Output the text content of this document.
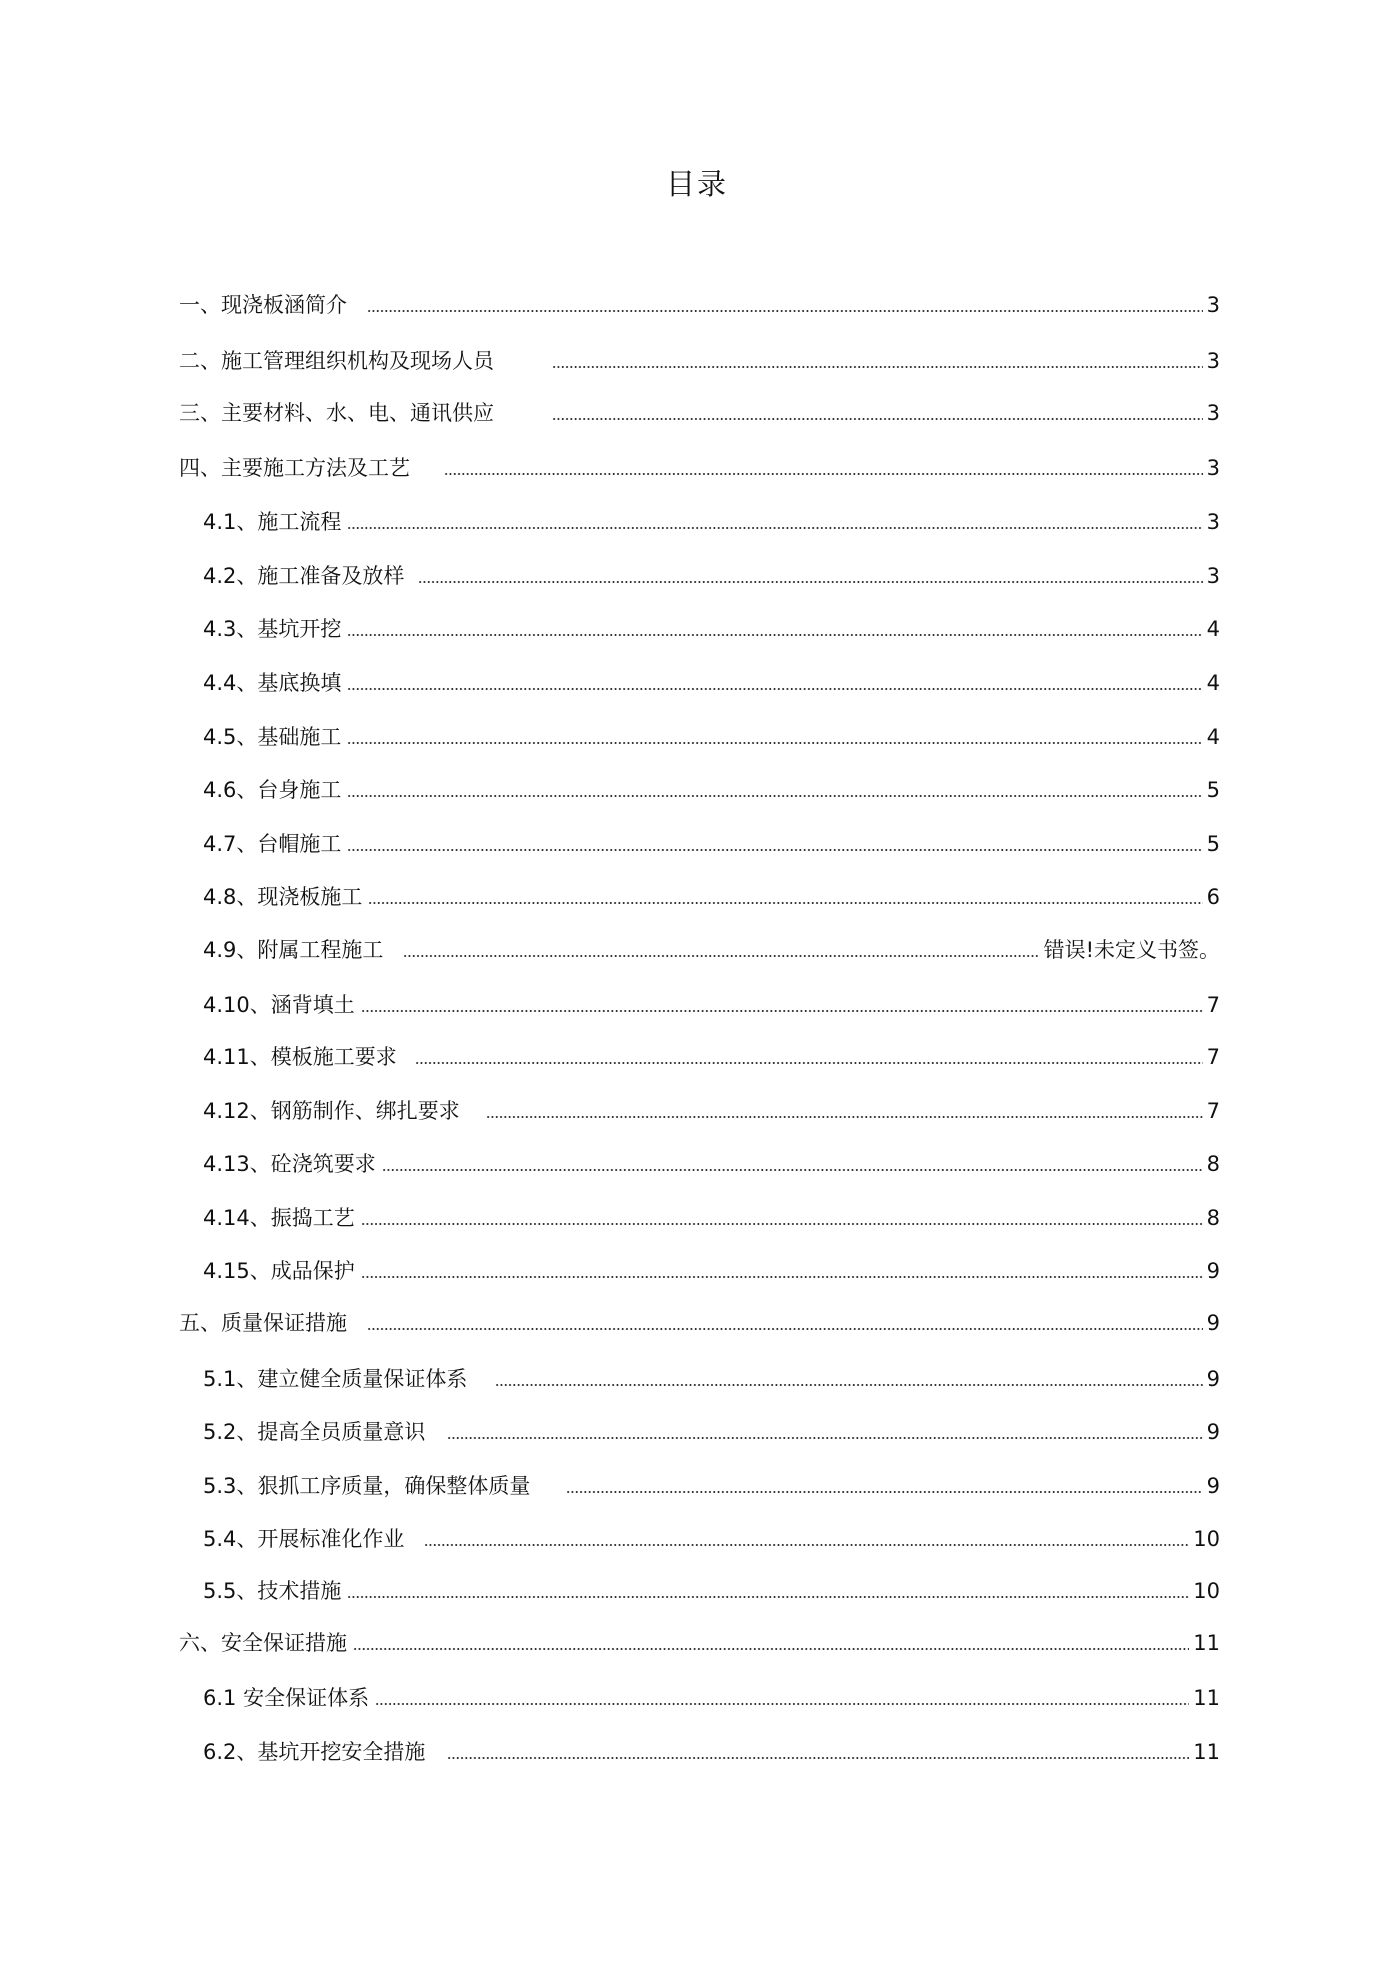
目录
一、现浇板涵简介	3
二、施工管理组织机构及现场人员	3
三、主要材料、水、电、通讯供应	3
四、主要施工方法及工艺	3
4.1、施工流程	3
4.2、施工准备及放样	3
4.3、基坑开挖	4
4.4、基底换填	4
4.5、基础施工	4
4.6、台身施工	5
4.7、台帽施工	5
4.8、现浇板施工	6
4.9、附属工程施工	错误!未定义书签。
4.10、涵背填土	7
4.11、模板施工要求	7
4.12、钢筋制作、绑扎要求	7
4.13、砼浇筑要求	8
4.14、振捣工艺	8
4.15、成品保护	9
五、质量保证措施	9
5.1、建立健全质量保证体系	9
5.2、提高全员质量意识	9
5.3、狠抓工序质量，确保整体质量	9
5.4、开展标准化作业	10
5.5、技术措施	10
六、安全保证措施	11
6.1 安全保证体系	11
6.2、基坑开挖安全措施	11
